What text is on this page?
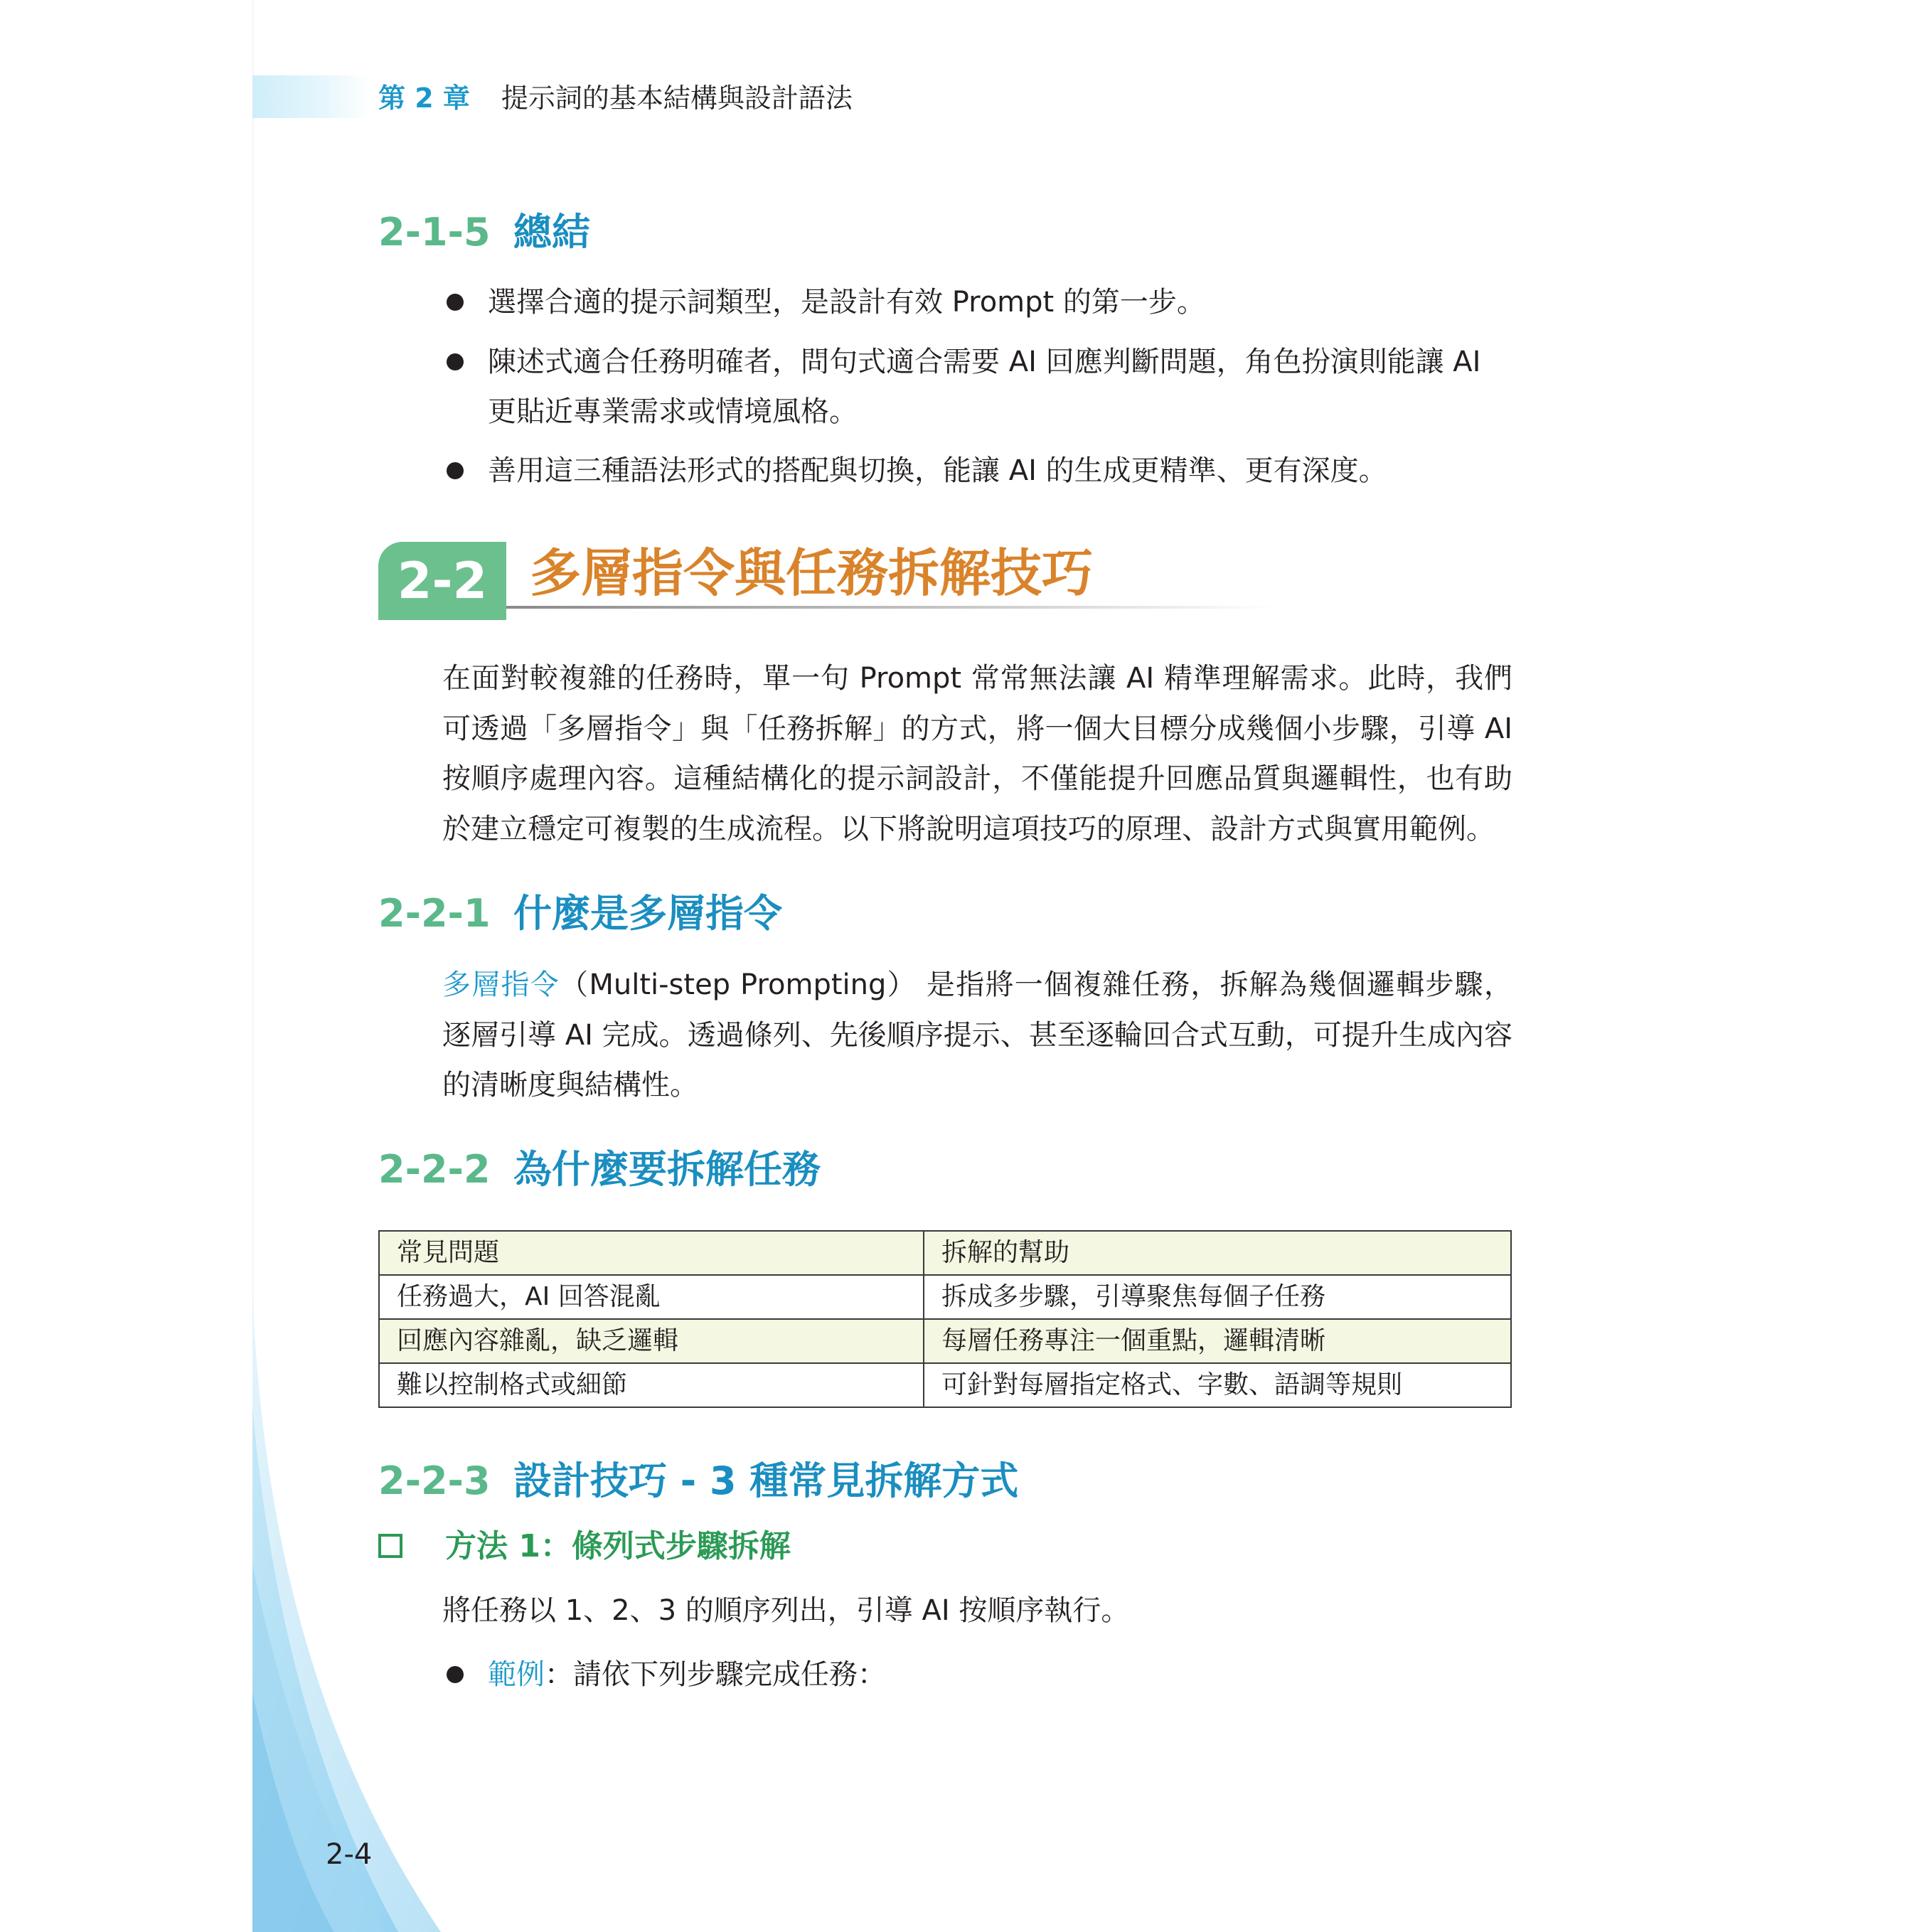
第 2 章 提示詞的基本結構與設計語法
2-1-5 總結
選擇合適的提示詞類型，是設計有效 Prompt 的第一步。
陳述式適合任務明確者，問句式適合需要 AI 回應判斷問題，角色扮演則能讓 AI 更貼近專業需求或情境風格。
善用這三種語法形式的搭配與切換，能讓 AI 的生成更精準、更有深度。
2-2 多層指令與任務拆解技巧
在面對較複雜的任務時，單一句 Prompt 常常無法讓 AI 精準理解需求。此時，我們可透過「多層指令」與「任務拆解」的方式，將一個大目標分成幾個小步驟，引導 AI 按順序處理內容。這種結構化的提示詞設計，不僅能提升回應品質與邏輯性，也有助於建立穩定可複製的生成流程。以下將說明這項技巧的原理、設計方式與實用範例。
2-2-1 什麼是多層指令
多層指令（Multi-step Prompting） 是指將一個複雜任務，拆解為幾個邏輯步驟，逐層引導 AI 完成。透過條列、先後順序提示、甚至逐輪回合式互動，可提升生成內容的清晰度與結構性。
2-2-2 為什麼要拆解任務
常見問題	拆解的幫助
任務過大，AI 回答混亂	拆成多步驟，引導聚焦每個子任務
回應內容雜亂，缺乏邏輯	每層任務專注一個重點，邏輯清晰
難以控制格式或細節	可針對每層指定格式、字數、語調等規則
2-2-3 設計技巧 - 3 種常見拆解方式
方法 1：條列式步驟拆解
將任務以 1、2、3 的順序列出，引導 AI 按順序執行。
範例：請依下列步驟完成任務：
2-4
